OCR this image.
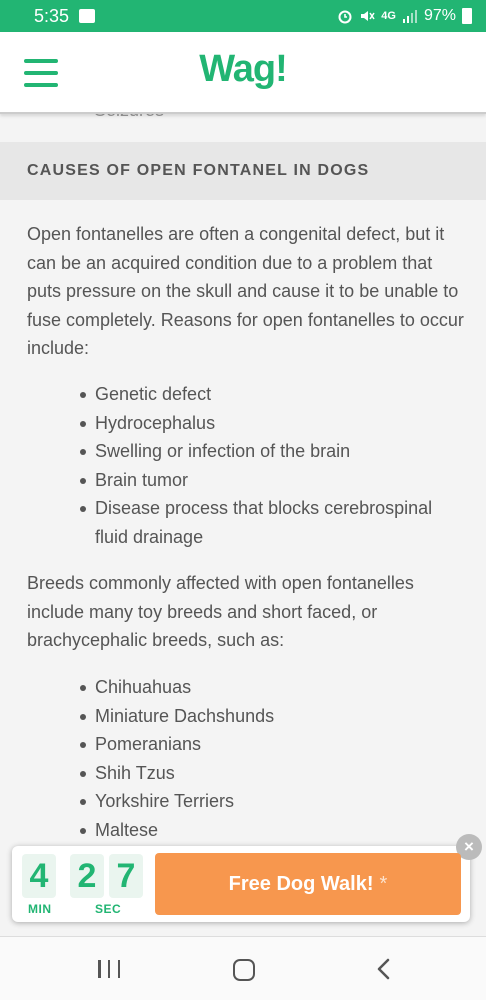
5:35	4G 97%
Wag!
CAUSES OF OPEN FONTANEL IN DOGS

Open fontanelles are often a congenital defect, but it can be an acquired condition due to a problem that puts pressure on the skull and cause it to be unable to fuse completely. Reasons for open fontanelles to occur include:

Genetic defect
Hydrocephalus
Swelling or infection of the brain
Brain tumor
Disease process that blocks cerebrospinal fluid drainage

Breeds commonly affected with open fontanelles include many toy breeds and short faced, or brachycephalic breeds, such as:

Chihuahuas
Miniature Dachshunds
Pomeranians
Shih Tzus
Yorkshire Terriers
Maltese
×
4 2 7
MIN	SEC
Free Dog Walk! *
